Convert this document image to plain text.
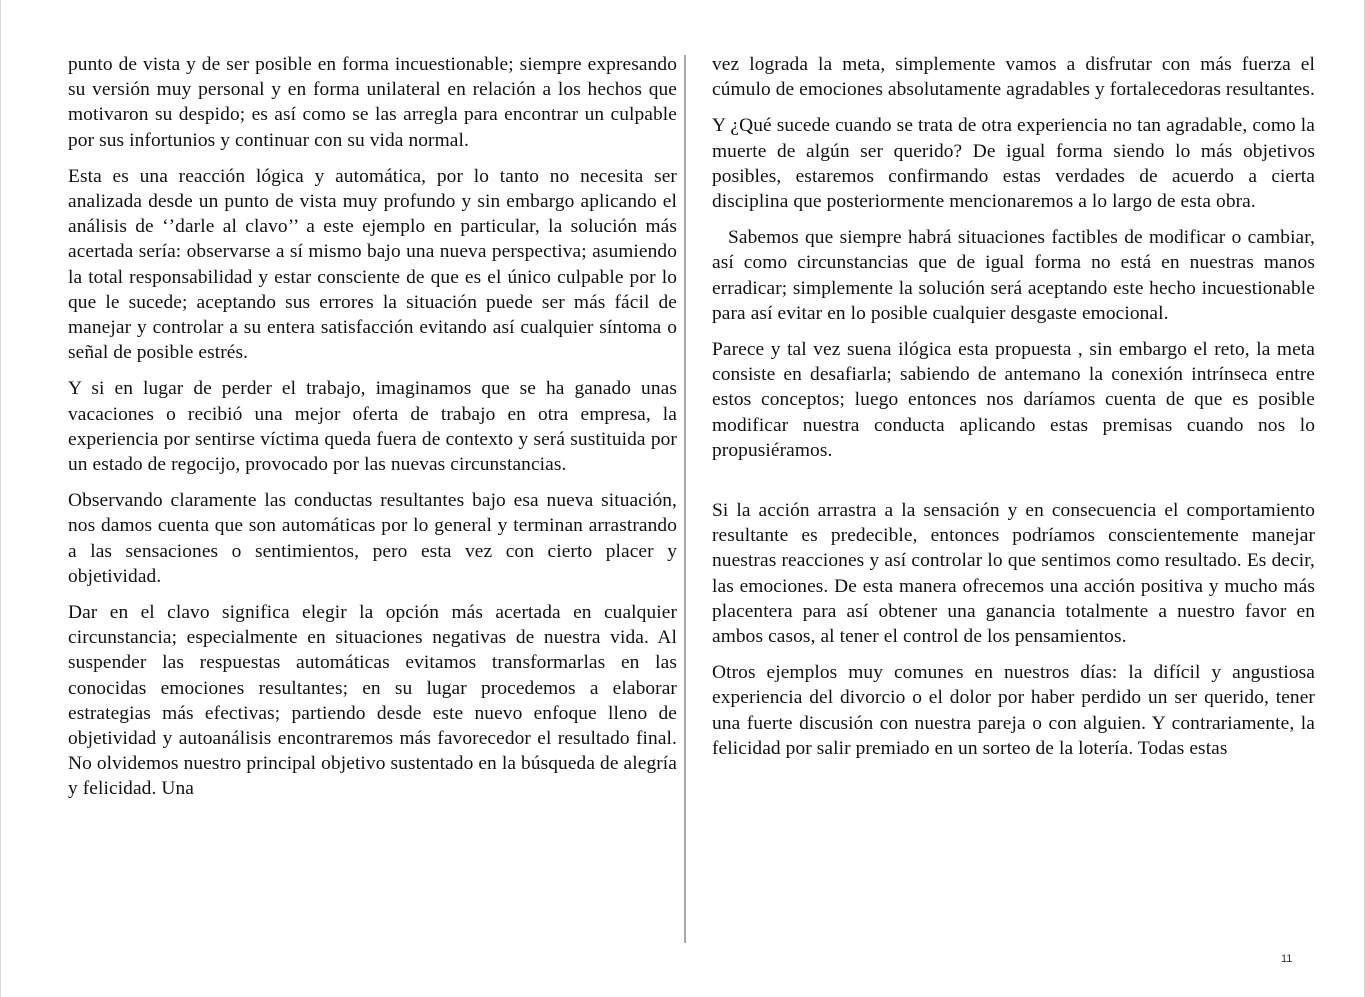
punto de vista y de ser posible en forma incuestionable; siempre expresando su versión muy personal y en forma unilateral en relación a los hechos que motivaron su despido; es así como se las arregla para encontrar un culpable por sus infortunios y continuar con su vida normal.

Esta es una reacción lógica y automática, por lo tanto no necesita ser analizada desde un punto de vista muy profundo y sin embargo aplicando el análisis de ‘’darle al clavo’’ a este ejemplo en particular, la solución más acertada sería: observarse a sí mismo bajo una nueva perspectiva; asumiendo la total responsabilidad y estar consciente de que es el único culpable por lo que le sucede; aceptando sus errores la situación puede ser más fácil de manejar y controlar a su entera satisfacción evitando así cualquier síntoma o señal de posible estrés.

Y si en lugar de perder el trabajo, imaginamos que se ha ganado unas vacaciones o recibió una mejor oferta de trabajo en otra empresa, la experiencia por sentirse víctima queda fuera de contexto y será sustituida por un estado de regocijo, provocado por las nuevas circunstancias.

Observando claramente las conductas resultantes bajo esa nueva situación, nos damos cuenta que son automáticas por lo general y terminan arrastrando a las sensaciones o sentimientos, pero esta vez con cierto placer y objetividad.

Dar en el clavo significa elegir la opción más acertada en cualquier circunstancia; especialmente en situaciones negativas de nuestra vida. Al suspender las respuestas automáticas evitamos transformarlas en las conocidas emociones resultantes; en su lugar procedemos a elaborar estrategias más efectivas; partiendo desde este nuevo enfoque lleno de objetividad y autoanálisis encontraremos más favorecedor el resultado final. No olvidemos nuestro principal objetivo sustentado en la búsqueda de alegría y felicidad. Una

vez lograda la meta, simplemente vamos a disfrutar con más fuerza el cúmulo de emociones absolutamente agradables y fortalecedoras resultantes.

Y ¿Qué sucede cuando se trata de otra experiencia no tan agradable, como la muerte de algún ser querido? De igual forma siendo lo más objetivos posibles, estaremos confirmando estas verdades de acuerdo a cierta disciplina que posteriormente mencionaremos a lo largo de esta obra.

Sabemos que siempre habrá situaciones factibles de modificar o cambiar, así como circunstancias que de igual forma no está en nuestras manos erradicar; simplemente la solución será aceptando este hecho incuestionable para así evitar en lo posible cualquier desgaste emocional.

Parece y tal vez suena ilógica esta propuesta , sin embargo el reto, la meta consiste en desafiarla; sabiendo de antemano la conexión intrínseca entre estos conceptos; luego entonces nos daríamos cuenta de que es posible modificar nuestra conducta aplicando estas premisas cuando nos lo propusiéramos.

Si la acción arrastra a la sensación y en consecuencia el comportamiento resultante es predecible, entonces podríamos conscientemente manejar nuestras reacciones y así controlar lo que sentimos como resultado. Es decir, las emociones. De esta manera ofrecemos una acción positiva y mucho más placentera para así obtener una ganancia totalmente a nuestro favor en ambos casos, al tener el control de los pensamientos.

Otros ejemplos muy comunes en nuestros días: la difícil y angustiosa experiencia del divorcio o el dolor por haber perdido un ser querido, tener una fuerte discusión con nuestra pareja o con alguien. Y contrariamente, la felicidad por salir premiado en un sorteo de la lotería. Todas estas

11
